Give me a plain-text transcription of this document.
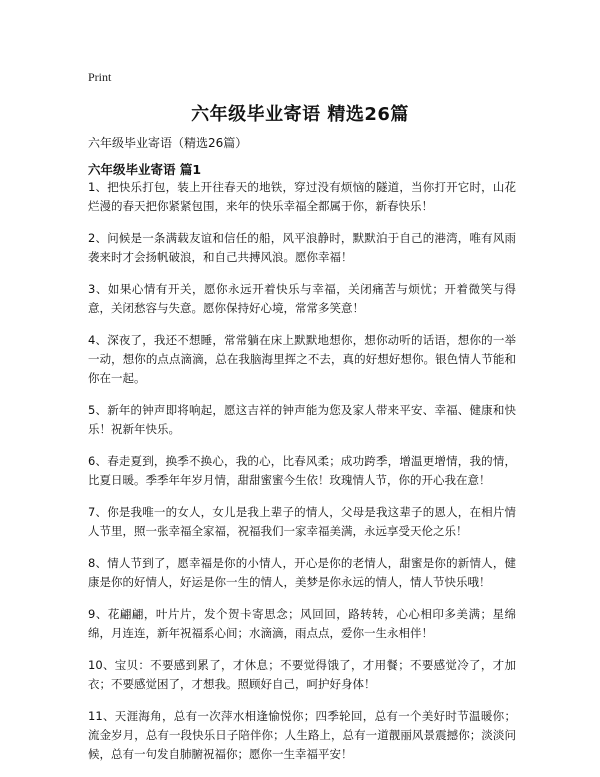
Print
六年级毕业寄语 精选26篇
六年级毕业寄语（精选26篇）
六年级毕业寄语 篇1

1、把快乐打包，装上开往春天的地铁，穿过没有烦恼的隧道，当你打开它时，山花烂漫的春天把你紧紧包围，来年的快乐幸福全都属于你，新春快乐！

2、问候是一条满载友谊和信任的船，风平浪静时，默默泊于自己的港湾，唯有风雨袭来时才会扬帆破浪，和自己共搏风浪。愿你幸福！

3、如果心情有开关，愿你永远开着快乐与幸福，关闭痛苦与烦忧；开着微笑与得意，关闭愁容与失意。愿你保持好心境，常常多笑意！

4、深夜了，我还不想睡，常常躺在床上默默地想你，想你动听的话语，想你的一举一动，想你的点点滴滴，总在我脑海里挥之不去，真的好想好想你。银色情人节能和你在一起。

5、新年的钟声即将响起，愿这吉祥的钟声能为您及家人带来平安、幸福、健康和快乐！祝新年快乐。

6、春走夏到，换季不换心，我的心，比春风柔；成功跨季，增温更增情，我的情，比夏日暖。季季年年岁月情，甜甜蜜蜜今生依！玫瑰情人节，你的开心我在意！

7、你是我唯一的女人，女儿是我上辈子的情人，父母是我这辈子的恩人，在相片情人节里，照一张幸福全家福，祝福我们一家幸福美满，永远享受天伦之乐！

8、情人节到了，愿幸福是你的小情人，开心是你的老情人，甜蜜是你的新情人，健康是你的好情人，好运是你一生的情人，美梦是你永远的情人，情人节快乐哦！

9、花翩翩，叶片片，发个贺卡寄思念；风回回，路转转，心心相印多美满；星绵绵，月连连，新年祝福系心间；水滴滴，雨点点，爱你一生永相伴！

10、宝贝：不要感到累了，才休息；不要觉得饿了，才用餐；不要感觉冷了，才加衣；不要感觉困了，才想我。照顾好自己，呵护好身体！

11、天涯海角，总有一次萍水相逢愉悦你；四季轮回，总有一个美好时节温暖你；流金岁月，总有一段快乐日子陪伴你；人生路上，总有一道靓丽风景震撼你；淡淡问候，总有一句发自肺腑祝福你；愿你一生幸福平安！
